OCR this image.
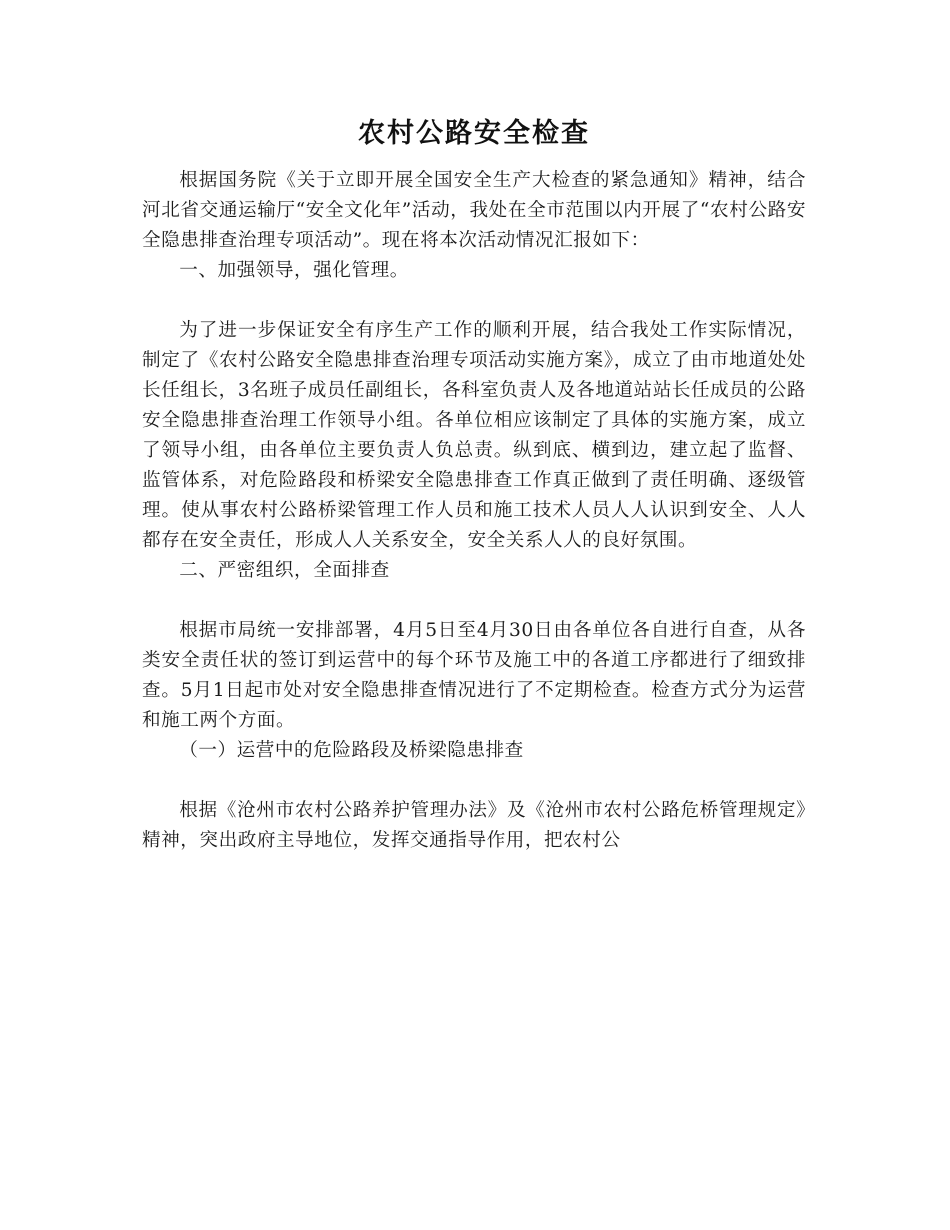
农村公路安全检查

根据国务院《关于立即开展全国安全生产大检查的紧急通知》精神，结合河北省交通运输厅“安全文化年”活动，我处在全市范围以内开展了“农村公路安全隐患排查治理专项活动”。现在将本次活动情况汇报如下：

一、加强领导，强化管理。

为了进一步保证安全有序生产工作的顺利开展，结合我处工作实际情况，制定了《农村公路安全隐患排查治理专项活动实施方案》，成立了由市地道处处长任组长，3名班子成员任副组长，各科室负责人及各地道站站长任成员的公路安全隐患排查治理工作领导小组。各单位相应该制定了具体的实施方案，成立了领导小组，由各单位主要负责人负总责。纵到底、横到边，建立起了监督、监管体系，对危险路段和桥梁安全隐患排查工作真正做到了责任明确、逐级管理。使从事农村公路桥梁管理工作人员和施工技术人员人人认识到安全、人人都存在安全责任，形成人人关系安全，安全关系人人的良好氛围。

二、严密组织，全面排查

根据市局统一安排部署，4月5日至4月30日由各单位各自进行自查，从各类安全责任状的签订到运营中的每个环节及施工中的各道工序都进行了细致排查。5月1日起市处对安全隐患排查情况进行了不定期检查。检查方式分为运营和施工两个方面。

（一）运营中的危险路段及桥梁隐患排查

根据《沧州市农村公路养护管理办法》及《沧州市农村公路危桥管理规定》精神，突出政府主导地位，发挥交通指导作用，把农村公
